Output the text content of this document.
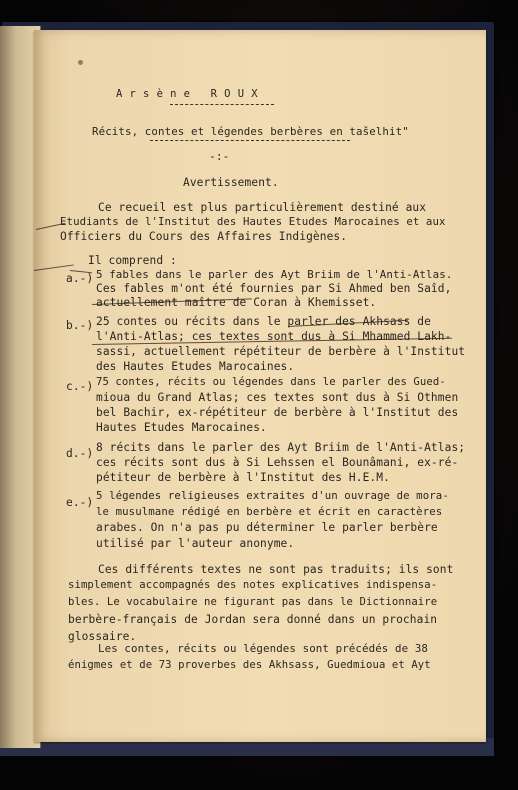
Arsène ROUX
Récits, contes et légendes berbères en tašelhit"
-:-
Avertissement.
Ce recueil est plus particulièrement destiné aux
Etudiants de l'Institut des Hautes Etudes Marocaines et aux
Officiers du Cours des Affaires Indigènes.
Il comprend :
a.-) 5 fables dans le parler des Ayt Briim de l'Anti-Atlas.
Ces fables m'ont été fournies par Si Ahmed ben Saîd,
actuellement maître de Coran à Khemisset.
b.-) 25 contes ou récits dans le parler des Akhsass de
l'Anti-Atlas; ces textes sont dus à Si Mhammed Lakh-
sassi, actuellement répétiteur de berbère à l'Institut
des Hautes Etudes Marocaines.
c.-) 75 contes, récits ou légendes dans le parler des Gued-
mioua du Grand Atlas; ces textes sont dus à Si Othmen
bel Bachir, ex-répétiteur de berbère à l'Institut des
Hautes Etudes Marocaines.
d.-) 8 récits dans le parler des Ayt Briim de l'Anti-Atlas;
ces récits sont dus à Si Lehssen el Bounâmani, ex-ré-
pétiteur de berbère à l'Institut des H.E.M.
e.-)
5 légendes religieuses extraites d'un ouvrage de mora-
le musulmane rédigé en berbère et écrit en caractères
arabes. On n'a pas pu déterminer le parler berbère
utilisé par l'auteur anonyme.
Ces différents textes ne sont pas traduits; ils sont
simplement accompagnés des notes explicatives indispensa-
bles. Le vocabulaire ne figurant pas dans le Dictionnaire
berbère-français de Jordan sera donné dans un prochain
glossaire.
Les contes, récits ou légendes sont précédés de 38
énigmes et de 73 proverbes des Akhsass, Guedmioua et Ayt
